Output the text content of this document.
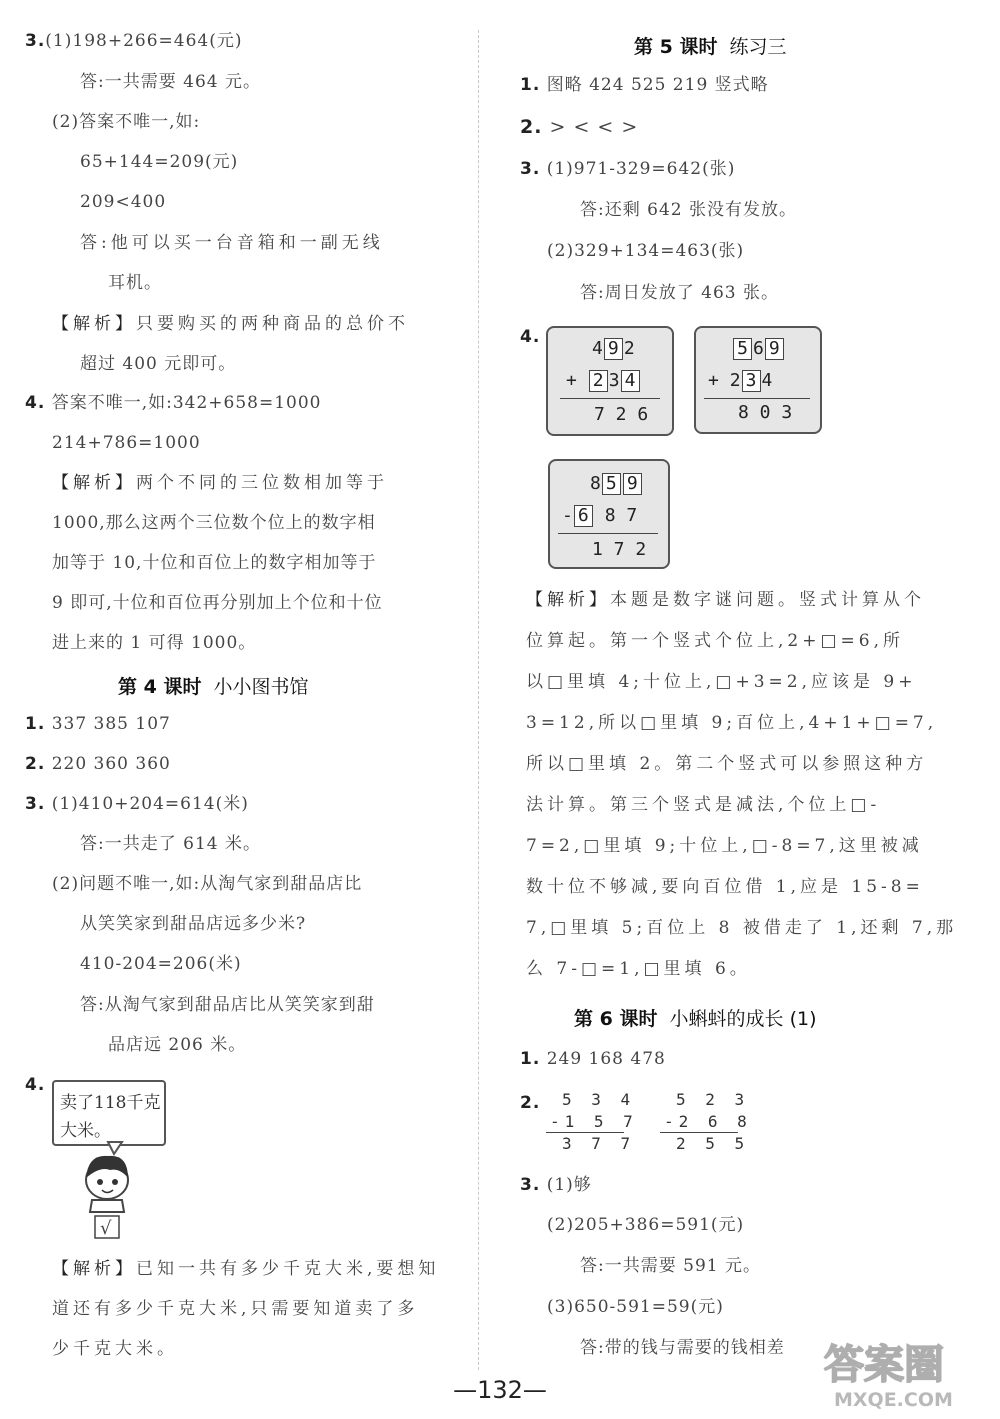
3.(1)198+266=464(元)
答:一共需要 464 元。
(2)答案不唯一,如:
65+144=209(元)
209<400
答:他可以买一台音箱和一副无线
耳机。
【解析】只要购买的两种商品的总价不
超过 400 元即可。
4. 答案不唯一,如:342+658=1000
214+786=1000
【解析】两个不同的三位数相加等于
1000,那么这两个三位数个位上的数字相
加等于 10,十位和百位上的数字相加等于
9 即可,十位和百位再分别加上个位和十位
进上来的 1 可得 1000。
第 4 课时 小小图书馆
1. 337 385 107
2. 220 360 360
3. (1)410+204=614(米)
答:一共走了 614 米。
(2)问题不唯一,如:从淘气家到甜品店比
从笑笑家到甜品店远多少米?
410-204=206(米)
答:从淘气家到甜品店比从笑笑家到甜
品店远 206 米。
4.
卖了118千克
大米。
√
【解析】已知一共有多少千克大米,要想知
道还有多少千克大米,只需要知道卖了多
少千克大米。
第 5 课时 练习三
1. 图略 424 525 219 竖式略
2. > < < >
3. (1)971-329=642(张)
答:还剩 642 张没有发放。
(2)329+134=463(张)
答:周日发放了 463 张。
4.
4 9 2
+ 2 3 4
7 2 6
5 6 9
+ 2 3 4
8 0 3
8 5 9
- 6 8 7
1 7 2
【解析】本题是数字谜问题。竖式计算从个
位算起。第一个竖式个位上,2+□=6,所
以□里填 4;十位上,□+3=2,应该是 9+
3=12,所以□里填 9;百位上,4+1+□=7,
所以□里填 2。第二个竖式可以参照这种方
法计算。第三个竖式是减法,个位上□-
7=2,□里填 9;十位上,□-8=7,这里被减
数十位不够减,要向百位借 1,应是 15-8=
7,□里填 5;百位上 8 被借走了 1,还剩 7,那
么 7-□=1,□里填 6。
第 6 课时 小蝌蚪的成长 (1)
1. 249 168 478
2. 5 3 4
-1 5 7
3 7 7
5 2 3
-2 6 8
2 5 5
3. (1)够
(2)205+386=591(元)
答:一共需要 591 元。
(3)650-591=59(元)
答:带的钱与需要的钱相差
—132—
答案圈
MXQE.COM
